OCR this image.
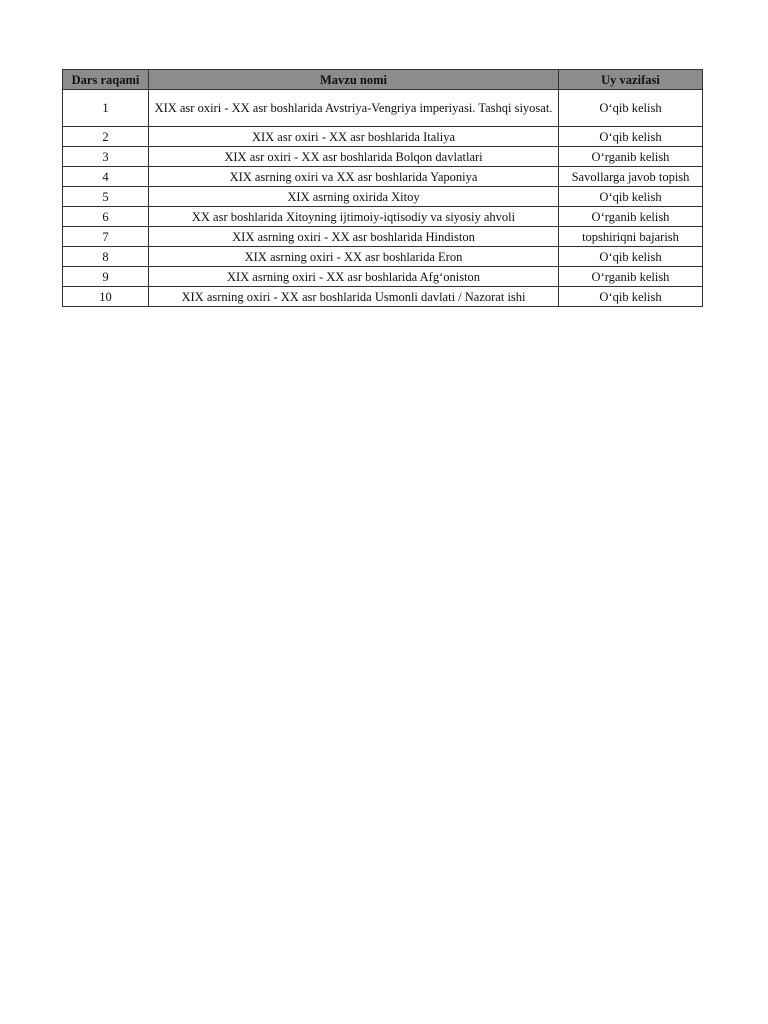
Dars raqami	Mavzu nomi	Uy vazifasi
1	XIX asr oxiri - XX asr boshlarida Avstriya-Vengriya imperiyasi. Tashqi siyosat.	O‘qib kelish
2	XIX asr oxiri - XX asr boshlarida Italiya	O‘qib kelish
3	XIX asr oxiri - XX asr boshlarida Bolqon davlatlari	O‘rganib kelish
4	XIX asrning oxiri va XX asr boshlarida Yaponiya	Savollarga javob topish
5	XIX asrning oxirida Xitoy	O‘qib kelish
6	XX asr boshlarida Xitoyning ijtimoiy-iqtisodiy va siyosiy ahvoli	O‘rganib kelish
7	XIX asrning oxiri - XX asr boshlarida Hindiston	topshiriqni bajarish
8	XIX asrning oxiri - XX asr boshlarida Eron	O‘qib kelish
9	XIX asrning oxiri - XX asr boshlarida Afg‘oniston	O‘rganib kelish
10	XIX asrning oxiri - XX asr boshlarida Usmonli davlati / Nazorat ishi	O‘qib kelish
